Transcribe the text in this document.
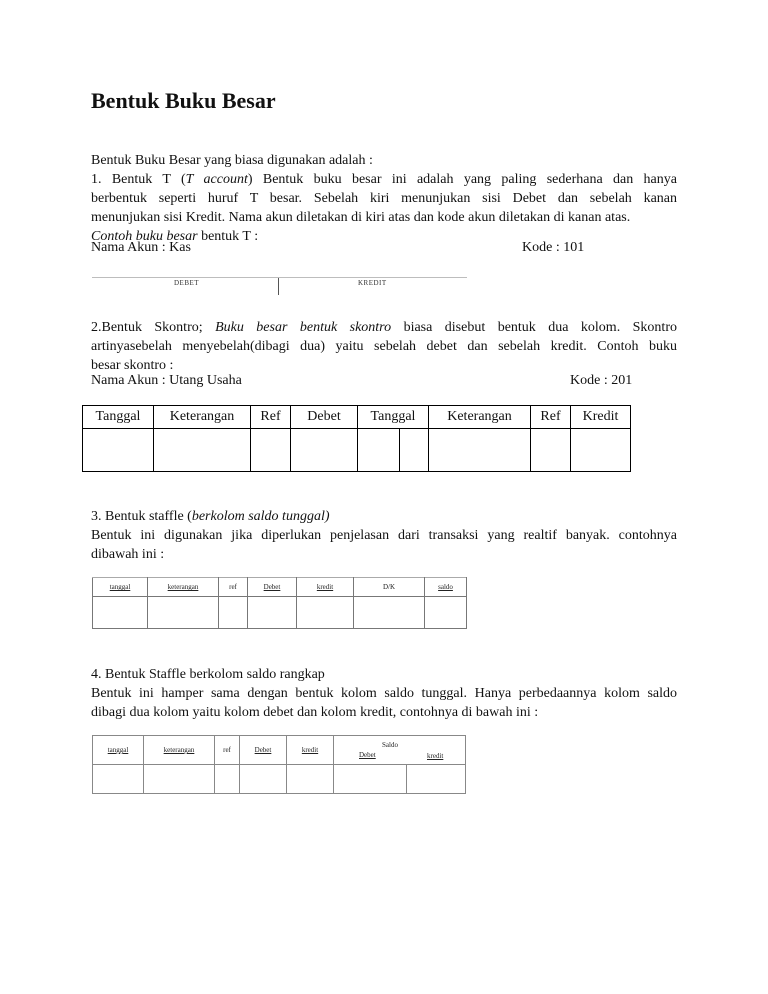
Bentuk Buku Besar
Bentuk Buku Besar yang biasa digunakan adalah :
1. Bentuk T (T account) Bentuk buku besar ini adalah yang paling sederhana dan hanya
berbentuk seperti huruf T besar. Sebelah kiri menunjukan sisi Debet dan sebelah kanan
menunjukan sisi Kredit. Nama akun diletakan di kiri atas dan kode akun diletakan di kanan atas.
Contoh buku besar bentuk T :
Nama Akun : Kas	Kode : 101
DEBET	KREDIT
2.Bentuk Skontro; Buku besar bentuk skontro biasa disebut bentuk dua kolom. Skontro
artinyasebelah menyebelah(dibagi dua) yaitu sebelah debet dan sebelah kredit. Contoh buku
besar skontro :
Nama Akun : Utang Usaha	Kode : 201
Tanggal	Keterangan	Ref	Debet	Tanggal		Keterangan	Ref	Kredit

3. Bentuk staffle (berkolom saldo tunggal)
Bentuk ini digunakan jika diperlukan penjelasan dari transaksi yang realtif banyak. contohnya
dibawah ini :
tanggal	keterangan	ref	Debet	kredit	D/K	saldo

4. Bentuk Staffle berkolom saldo rangkap
Bentuk ini hamper sama dengan bentuk kolom saldo tunggal. Hanya perbedaannya kolom saldo
dibagi dua kolom yaitu kolom debet dan kolom kredit, contohnya di bawah ini :
tanggal	keterangan	ref	Debet	kredit	Saldo
Debet kredit	
